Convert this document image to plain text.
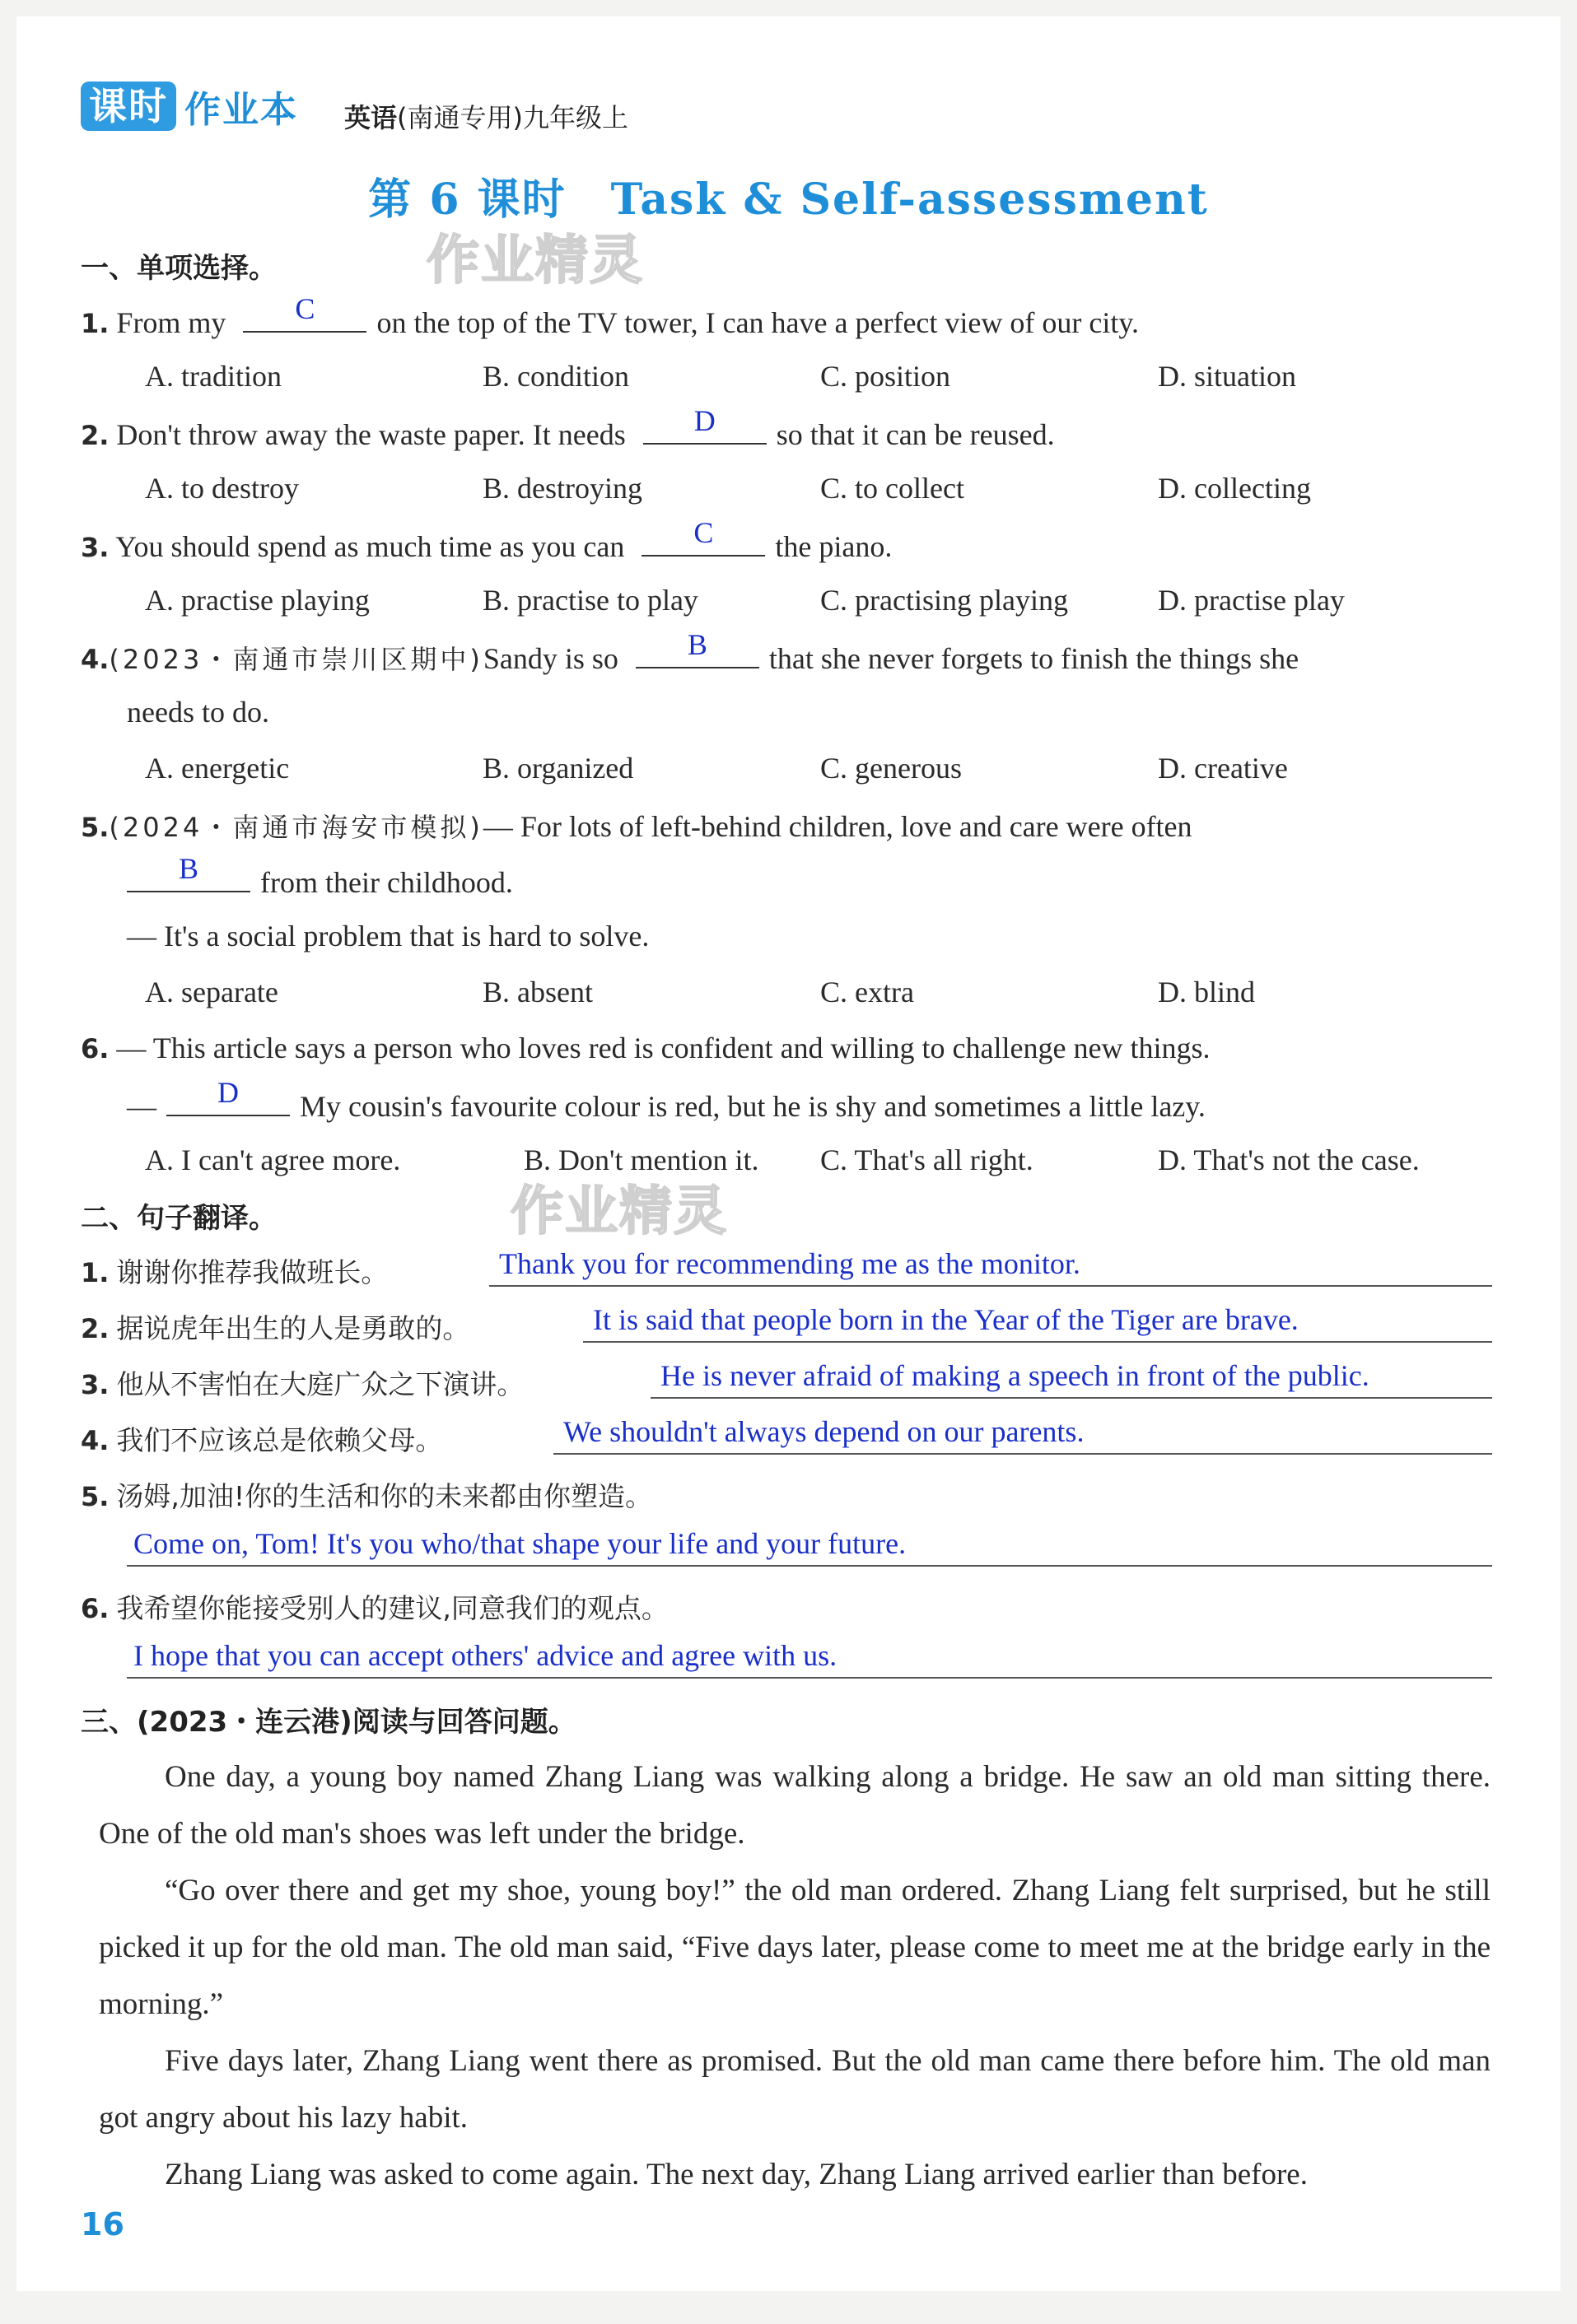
课时 作业本 英语(南通专用)九年级上
第 6 课时　Task & Self-assessment
作业精灵
作业精灵
一、单项选择。
1. From my	C	on the top of the TV tower, I can have a perfect view of our city.
A. tradition	B. condition	C. position	D. situation
2. Don't throw away the waste paper. It needs	D	so that it can be reused.
A. to destroy	B. destroying	C. to collect	D. collecting
3. You should spend as much time as you can	C	the piano.
A. practise playing	B. practise to play	C. practising playing	D. practise play
4.(2023・南通市崇川区期中)Sandy is so	B	that she never forgets to finish the things she
needs to do.
A. energetic	B. organized	C. generous	D. creative
5.(2024・南通市海安市模拟)— For lots of left-behind children, love and care were often
B	from their childhood.
— It's a social problem that is hard to solve.
A. separate	B. absent	C. extra	D. blind
6. — This article says a person who loves red is confident and willing to challenge new things.
—	D	My cousin's favourite colour is red, but he is shy and sometimes a little lazy.
A. I can't agree more.	B. Don't mention it. C. That's all right.	D. That's not the case.
二、句子翻译。
1. 谢谢你推荐我做班长。	Thank you for recommending me as the monitor.
2. 据说虎年出生的人是勇敢的。	It is said that people born in the Year of the Tiger are brave.
3. 他从不害怕在大庭广众之下演讲。	He is never afraid of making a speech in front of the public.
4. 我们不应该总是依赖父母。	We shouldn't always depend on our parents.
5. 汤姆,加油!你的生活和你的未来都由你塑造。
Come on, Tom! It's you who/that shape your life and your future.
6. 我希望你能接受别人的建议,同意我们的观点。
I hope that you can accept others' advice and agree with us.
三、(2023・连云港)阅读与回答问题。
One day, a young boy named Zhang Liang was walking along a bridge. He saw an old man sitting there. One of the old man's shoes was left under the bridge.
“Go over there and get my shoe, young boy!” the old man ordered. Zhang Liang felt surprised, but he still picked it up for the old man. The old man said, “Five days later, please come to meet me at the bridge early in the morning.”
Five days later, Zhang Liang went there as promised. But the old man came there before him. The old man got angry about his lazy habit.
Zhang Liang was asked to come again. The next day, Zhang Liang arrived earlier than before.
16
